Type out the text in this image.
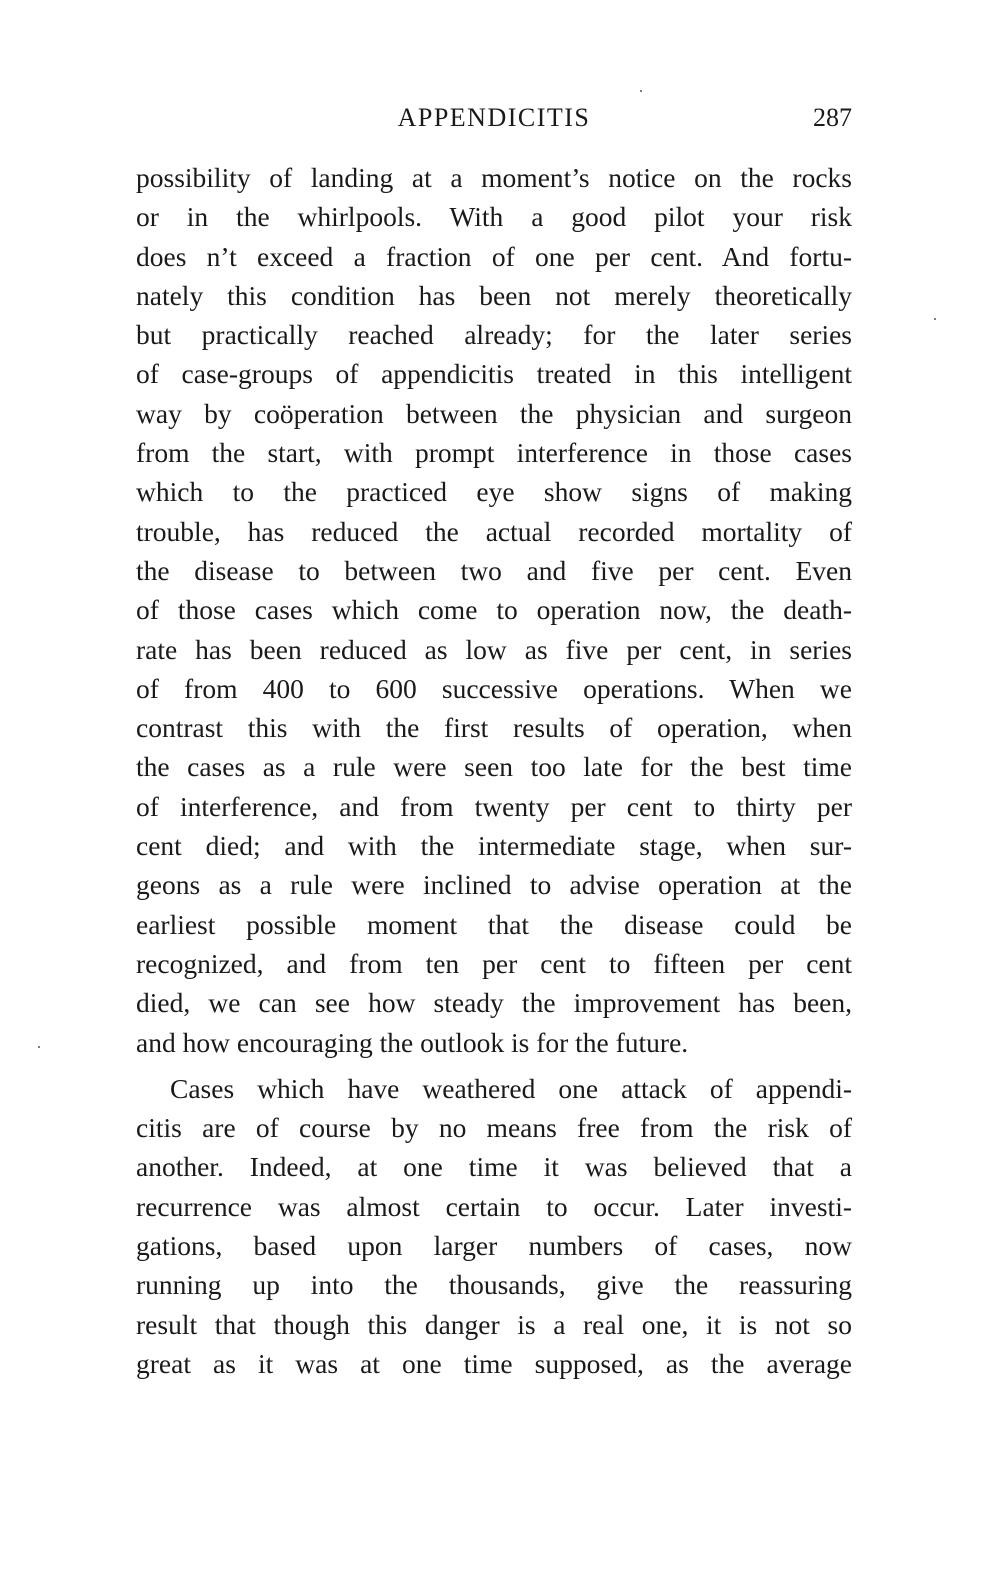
APPENDICITIS	287
possibility of landing at a moment’s notice on the rocks
or in the whirlpools. With a good pilot your risk
does n’t exceed a fraction of one per cent. And fortu-
nately this condition has been not merely theoretically
but practically reached already; for the later series
of case-groups of appendicitis treated in this intelligent
way by coöperation between the physician and surgeon
from the start, with prompt interference in those cases
which to the practiced eye show signs of making
trouble, has reduced the actual recorded mortality of
the disease to between two and five per cent. Even
of those cases which come to operation now, the death-
rate has been reduced as low as five per cent, in series
of from 400 to 600 successive operations. When we
contrast this with the first results of operation, when
the cases as a rule were seen too late for the best time
of interference, and from twenty per cent to thirty per
cent died; and with the intermediate stage, when sur-
geons as a rule were inclined to advise operation at the
earliest possible moment that the disease could be
recognized, and from ten per cent to fifteen per cent
died, we can see how steady the improvement has been,
and how encouraging the outlook is for the future.
Cases which have weathered one attack of appendi-
citis are of course by no means free from the risk of
another. Indeed, at one time it was believed that a
recurrence was almost certain to occur. Later investi-
gations, based upon larger numbers of cases, now
running up into the thousands, give the reassuring
result that though this danger is a real one, it is not so
great as it was at one time supposed, as the average
